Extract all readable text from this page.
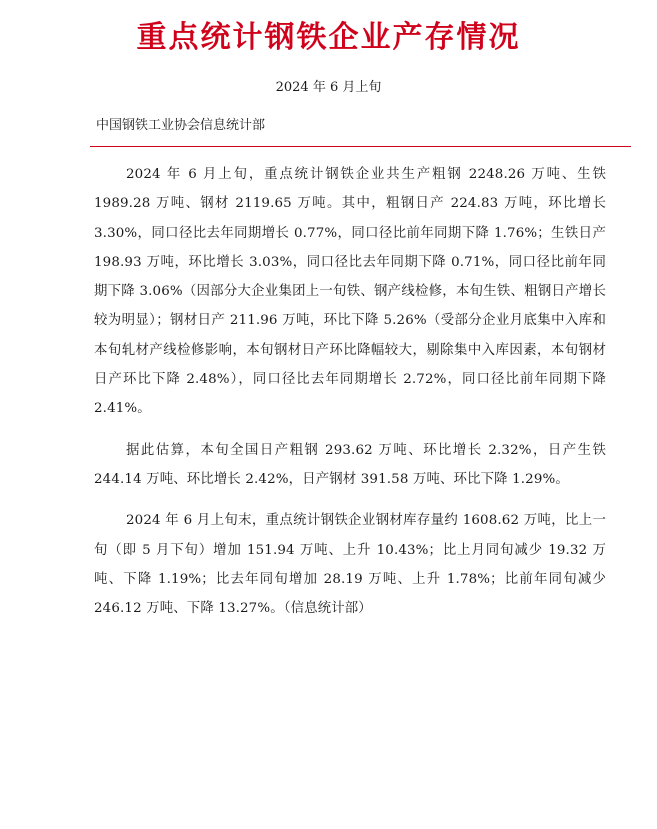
重点统计钢铁企业产存情况
2024 年 6 月上旬
中国钢铁工业协会信息统计部

2024 年 6 月上旬，重点统计钢铁企业共生产粗钢 2248.26 万吨、生铁 1989.28 万吨、钢材 2119.65 万吨。其中，粗钢日产 224.83 万吨，环比增长 3.30%，同口径比去年同期增长 0.77%，同口径比前年同期下降 1.76%；生铁日产 198.93 万吨，环比增长 3.03%，同口径比去年同期下降 0.71%，同口径比前年同期下降 3.06%（因部分大企业集团上一旬铁、钢产线检修，本旬生铁、粗钢日产增长较为明显）；钢材日产 211.96 万吨，环比下降 5.26%（受部分企业月底集中入库和本旬轧材产线检修影响，本旬钢材日产环比降幅较大，剔除集中入库因素，本旬钢材日产环比下降 2.48%），同口径比去年同期增长 2.72%，同口径比前年同期下降 2.41%。

据此估算，本旬全国日产粗钢 293.62 万吨、环比增长 2.32%，日产生铁 244.14 万吨、环比增长 2.42%，日产钢材 391.58 万吨、环比下降 1.29%。

2024 年 6 月上旬末，重点统计钢铁企业钢材库存量约 1608.62 万吨，比上一旬（即 5 月下旬）增加 151.94 万吨、上升 10.43%；比上月同旬减少 19.32 万吨、下降 1.19%；比去年同旬增加 28.19 万吨、上升 1.78%；比前年同旬减少 246.12 万吨、下降 13.27%。（信息统计部）
